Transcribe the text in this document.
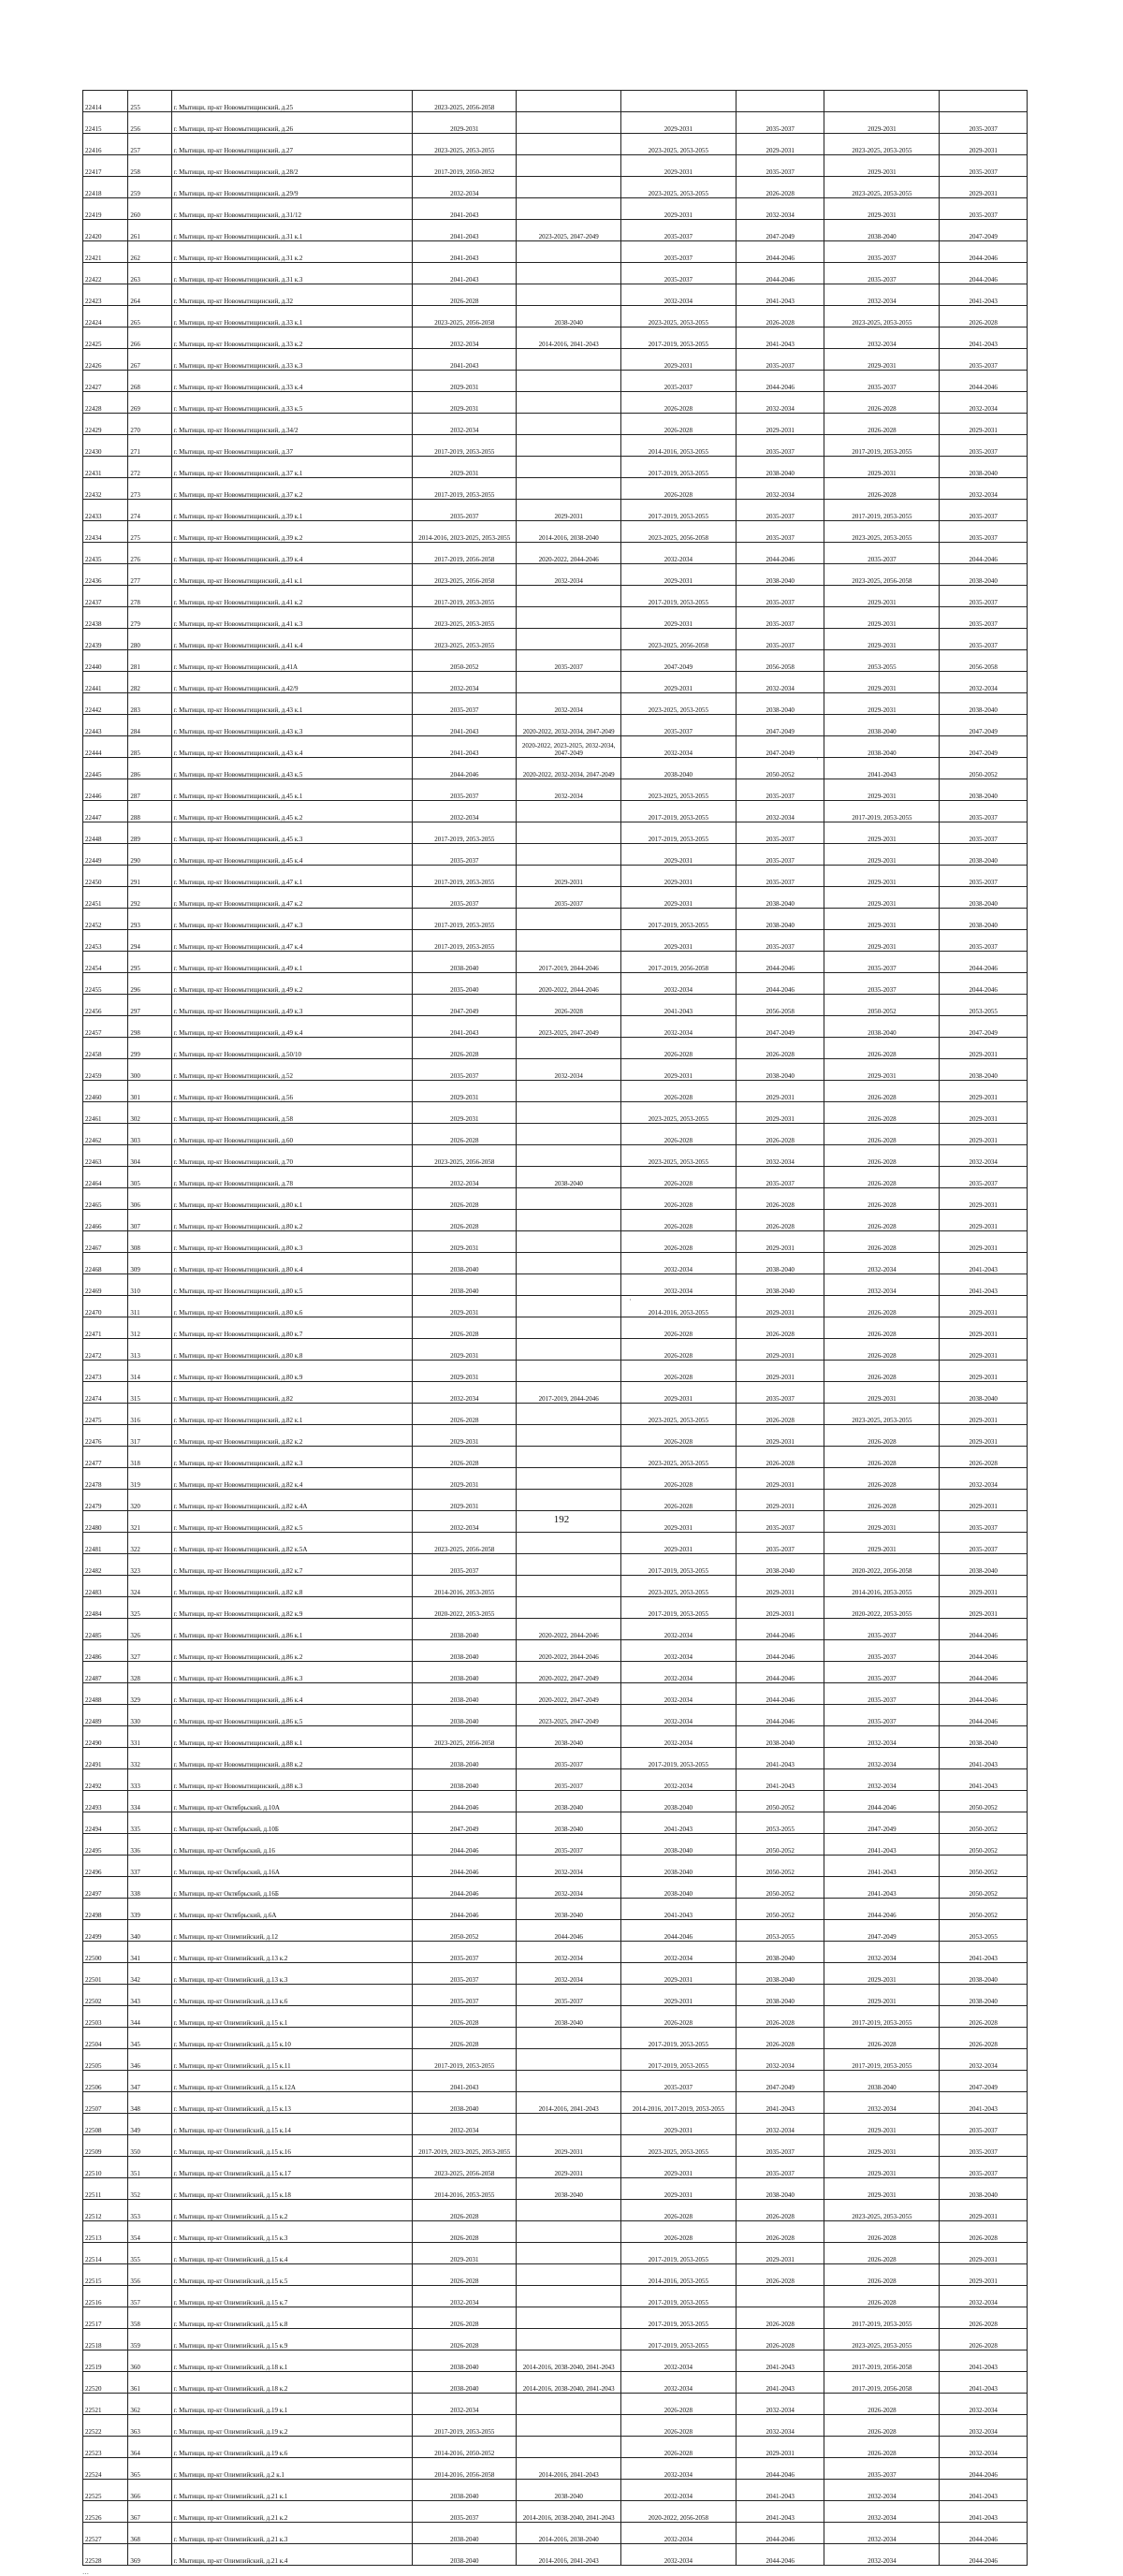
22414	255	г. Мытищи, пр-кт Новомытищинский, д.25	2023-2025, 2056-2058					
22415	256	г. Мытищи, пр-кт Новомытищинский, д.26	2029-2031		2029-2031	2035-2037	2029-2031	2035-2037
22416	257	г. Мытищи, пр-кт Новомытищинский, д.27	2023-2025, 2053-2055		2023-2025, 2053-2055	2029-2031	2023-2025, 2053-2055	2029-2031
22417	258	г. Мытищи, пр-кт Новомытищинский, д.28/2	2017-2019, 2050-2052		2029-2031	2035-2037	2029-2031	2035-2037
22418	259	г. Мытищи, пр-кт Новомытищинский, д.29/9	2032-2034		2023-2025, 2053-2055	2026-2028	2023-2025, 2053-2055	2029-2031
22419	260	г. Мытищи, пр-кт Новомытищинский, д.31/12	2041-2043		2029-2031	2032-2034	2029-2031	2035-2037
22420	261	г. Мытищи, пр-кт Новомытищинский, д.31 к.1	2041-2043	2023-2025, 2047-2049	2035-2037	2047-2049	2038-2040	2047-2049
22421	262	г. Мытищи, пр-кт Новомытищинский, д.31 к.2	2041-2043		2035-2037	2044-2046	2035-2037	2044-2046
22422	263	г. Мытищи, пр-кт Новомытищинский, д.31 к.3	2041-2043		2035-2037	2044-2046	2035-2037	2044-2046
22423	264	г. Мытищи, пр-кт Новомытищинский, д.32	2026-2028		2032-2034	2041-2043	2032-2034	2041-2043
22424	265	г. Мытищи, пр-кт Новомытищинский, д.33 к.1	2023-2025, 2056-2058	2038-2040	2023-2025, 2053-2055	2026-2028	2023-2025, 2053-2055	2026-2028
22425	266	г. Мытищи, пр-кт Новомытищинский, д.33 к.2	2032-2034	2014-2016, 2041-2043	2017-2019, 2053-2055	2041-2043	2032-2034	2041-2043
22426	267	г. Мытищи, пр-кт Новомытищинский, д.33 к.3	2041-2043		2029-2031	2035-2037	2029-2031	2035-2037
22427	268	г. Мытищи, пр-кт Новомытищинский, д.33 к.4	2029-2031		2035-2037	2044-2046	2035-2037	2044-2046
22428	269	г. Мытищи, пр-кт Новомытищинский, д.33 к.5	2029-2031		2026-2028	2032-2034	2026-2028	2032-2034
22429	270	г. Мытищи, пр-кт Новомытищинский, д.34/2	2032-2034		2026-2028	2029-2031	2026-2028	2029-2031
22430	271	г. Мытищи, пр-кт Новомытищинский, д.37	2017-2019, 2053-2055		2014-2016, 2053-2055	2035-2037	2017-2019, 2053-2055	2035-2037
22431	272	г. Мытищи, пр-кт Новомытищинский, д.37 к.1	2029-2031		2017-2019, 2053-2055	2038-2040	2029-2031	2038-2040
22432	273	г. Мытищи, пр-кт Новомытищинский, д.37 к.2	2017-2019, 2053-2055		2026-2028	2032-2034	2026-2028	2032-2034
22433	274	г. Мытищи, пр-кт Новомытищинский, д.39 к.1	2035-2037	2029-2031	2017-2019, 2053-2055	2035-2037	2017-2019, 2053-2055	2035-2037
22434	275	г. Мытищи, пр-кт Новомытищинский, д.39 к.2	2014-2016, 2023-2025, 2053-2055	2014-2016, 2038-2040	2023-2025, 2056-2058	2035-2037	2023-2025, 2053-2055	2035-2037
22435	276	г. Мытищи, пр-кт Новомытищинский, д.39 к.4	2017-2019, 2056-2058	2020-2022, 2044-2046	2032-2034	2044-2046	2035-2037	2044-2046
22436	277	г. Мытищи, пр-кт Новомытищинский, д.41 к.1	2023-2025, 2056-2058	2032-2034	2029-2031	2038-2040	2023-2025, 2056-2058	2038-2040
22437	278	г. Мытищи, пр-кт Новомытищинский, д.41 к.2	2017-2019, 2053-2055		2017-2019, 2053-2055	2035-2037	2029-2031	2035-2037
22438	279	г. Мытищи, пр-кт Новомытищинский, д.41 к.3	2023-2025, 2053-2055		2029-2031	2035-2037	2029-2031	2035-2037
22439	280	г. Мытищи, пр-кт Новомытищинский, д.41 к.4	2023-2025, 2053-2055		2023-2025, 2056-2058	2035-2037	2029-2031	2035-2037
22440	281	г. Мытищи, пр-кт Новомытищинский, д.41А	2050-2052	2035-2037	2047-2049	2056-2058	2053-2055	2056-2058
22441	282	г. Мытищи, пр-кт Новомытищинский, д.42/9	2032-2034		2029-2031	2032-2034	2029-2031	2032-2034
22442	283	г. Мытищи, пр-кт Новомытищинский, д.43 к.1	2035-2037	2032-2034	2023-2025, 2053-2055	2038-2040	2029-2031	2038-2040
22443	284	г. Мытищи, пр-кт Новомытищинский, д.43 к.3	2041-2043	2020-2022, 2032-2034, 2047-2049	2035-2037	2047-2049	2038-2040	2047-2049
22444	285	г. Мытищи, пр-кт Новомытищинский, д.43 к.4	2041-2043	2020-2022, 2023-2025, 2032-2034, 2047-2049	2032-2034	2047-2049	2038-2040	2047-2049
22445	286	г. Мытищи, пр-кт Новомытищинский, д.43 к.5	2044-2046	2020-2022, 2032-2034, 2047-2049	2038-2040	2050-2052	2041-2043	2050-2052
22446	287	г. Мытищи, пр-кт Новомытищинский, д.45 к.1	2035-2037	2032-2034	2023-2025, 2053-2055	2035-2037	2029-2031	2038-2040
22447	288	г. Мытищи, пр-кт Новомытищинский, д.45 к.2	2032-2034		2017-2019, 2053-2055	2032-2034	2017-2019, 2053-2055	2035-2037
22448	289	г. Мытищи, пр-кт Новомытищинский, д.45 к.3	2017-2019, 2053-2055		2017-2019, 2053-2055	2035-2037	2029-2031	2035-2037
22449	290	г. Мытищи, пр-кт Новомытищинский, д.45 к.4	2035-2037		2029-2031	2035-2037	2029-2031	2038-2040
22450	291	г. Мытищи, пр-кт Новомытищинский, д.47 к.1	2017-2019, 2053-2055	2029-2031	2029-2031	2035-2037	2029-2031	2035-2037
22451	292	г. Мытищи, пр-кт Новомытищинский, д.47 к.2	2035-2037	2035-2037	2029-2031	2038-2040	2029-2031	2038-2040
22452	293	г. Мытищи, пр-кт Новомытищинский, д.47 к.3	2017-2019, 2053-2055		2017-2019, 2053-2055	2038-2040	2029-2031	2038-2040
22453	294	г. Мытищи, пр-кт Новомытищинский, д.47 к.4	2017-2019, 2053-2055		2029-2031	2035-2037	2029-2031	2035-2037
22454	295	г. Мытищи, пр-кт Новомытищинский, д.49 к.1	2038-2040	2017-2019, 2044-2046	2017-2019, 2056-2058	2044-2046	2035-2037	2044-2046
22455	296	г. Мытищи, пр-кт Новомытищинский, д.49 к.2	2035-2040	2020-2022, 2044-2046	2032-2034	2044-2046	2035-2037	2044-2046
22456	297	г. Мытищи, пр-кт Новомытищинский, д.49 к.3	2047-2049	2026-2028	2041-2043	2056-2058	2050-2052	2053-2055
22457	298	г. Мытищи, пр-кт Новомытищинский, д.49 к.4	2041-2043	2023-2025, 2047-2049	2032-2034	2047-2049	2038-2040	2047-2049
22458	299	г. Мытищи, пр-кт Новомытищинский, д.50/10	2026-2028		2026-2028	2026-2028	2026-2028	2029-2031
22459	300	г. Мытищи, пр-кт Новомытищинский, д.52	2035-2037	2032-2034	2029-2031	2038-2040	2029-2031	2038-2040
22460	301	г. Мытищи, пр-кт Новомытищинский, д.56	2029-2031		2026-2028	2029-2031	2026-2028	2029-2031
22461	302	г. Мытищи, пр-кт Новомытищинский, д.58	2029-2031		2023-2025, 2053-2055	2029-2031	2026-2028	2029-2031
22462	303	г. Мытищи, пр-кт Новомытищинский, д.60	2026-2028		2026-2028	2026-2028	2026-2028	2029-2031
22463	304	г. Мытищи, пр-кт Новомытищинский, д.70	2023-2025, 2056-2058		2023-2025, 2053-2055	2032-2034	2026-2028	2032-2034
22464	305	г. Мытищи, пр-кт Новомытищинский, д.78	2032-2034	2038-2040	2026-2028	2035-2037	2026-2028	2035-2037
22465	306	г. Мытищи, пр-кт Новомытищинский, д.80 к.1	2026-2028		2026-2028	2026-2028	2026-2028	2029-2031
22466	307	г. Мытищи, пр-кт Новомытищинский, д.80 к.2	2026-2028		2026-2028	2026-2028	2026-2028	2029-2031
22467	308	г. Мытищи, пр-кт Новомытищинский, д.80 к.3	2029-2031		2026-2028	2029-2031	2026-2028	2029-2031
22468	309	г. Мытищи, пр-кт Новомытищинский, д.80 к.4	2038-2040		2032-2034	2038-2040	2032-2034	2041-2043
22469	310	г. Мытищи, пр-кт Новомытищинский, д.80 к.5	2038-2040		2032-2034	2038-2040	2032-2034	2041-2043
22470	311	г. Мытищи, пр-кт Новомытищинский, д.80 к.6	2029-2031		2014-2016, 2053-2055	2029-2031	2026-2028	2029-2031
22471	312	г. Мытищи, пр-кт Новомытищинский, д.80 к.7	2026-2028		2026-2028	2026-2028	2026-2028	2029-2031
22472	313	г. Мытищи, пр-кт Новомытищинский, д.80 к.8	2029-2031		2026-2028	2029-2031	2026-2028	2029-2031
22473	314	г. Мытищи, пр-кт Новомытищинский, д.80 к.9	2029-2031		2026-2028	2029-2031	2026-2028	2029-2031
22474	315	г. Мытищи, пр-кт Новомытищинский, д.82	2032-2034	2017-2019, 2044-2046	2029-2031	2035-2037	2029-2031	2038-2040
22475	316	г. Мытищи, пр-кт Новомытищинский, д.82 к.1	2026-2028		2023-2025, 2053-2055	2026-2028	2023-2025, 2053-2055	2029-2031
22476	317	г. Мытищи, пр-кт Новомытищинский, д.82 к.2	2029-2031		2026-2028	2029-2031	2026-2028	2029-2031
22477	318	г. Мытищи, пр-кт Новомытищинский, д.82 к.3	2026-2028		2023-2025, 2053-2055	2026-2028	2026-2028	2026-2028
22478	319	г. Мытищи, пр-кт Новомытищинский, д.82 к.4	2029-2031		2026-2028	2029-2031	2026-2028	2032-2034
22479	320	г. Мытищи, пр-кт Новомытищинский, д.82 к.4А	2029-2031		2026-2028	2029-2031	2026-2028	2029-2031
22480	321	г. Мытищи, пр-кт Новомытищинский, д.82 к.5	2032-2034		2029-2031	2035-2037	2029-2031	2035-2037
22481	322	г. Мытищи, пр-кт Новомытищинский, д.82 к.5А	2023-2025, 2056-2058		2029-2031	2035-2037	2029-2031	2035-2037
22482	323	г. Мытищи, пр-кт Новомытищинский, д.82 к.7	2035-2037		2017-2019, 2053-2055	2038-2040	2020-2022, 2056-2058	2038-2040
22483	324	г. Мытищи, пр-кт Новомытищинский, д.82 к.8	2014-2016, 2053-2055		2023-2025, 2053-2055	2029-2031	2014-2016, 2053-2055	2029-2031
22484	325	г. Мытищи, пр-кт Новомытищинский, д.82 к.9	2020-2022, 2053-2055		2017-2019, 2053-2055	2029-2031	2020-2022, 2053-2055	2029-2031
22485	326	г. Мытищи, пр-кт Новомытищинский, д.86 к.1	2038-2040	2020-2022, 2044-2046	2032-2034	2044-2046	2035-2037	2044-2046
22486	327	г. Мытищи, пр-кт Новомытищинский, д.86 к.2	2038-2040	2020-2022, 2044-2046	2032-2034	2044-2046	2035-2037	2044-2046
22487	328	г. Мытищи, пр-кт Новомытищинский, д.86 к.3	2038-2040	2020-2022, 2047-2049	2032-2034	2044-2046	2035-2037	2044-2046
22488	329	г. Мытищи, пр-кт Новомытищинский, д.86 к.4	2038-2040	2020-2022, 2047-2049	2032-2034	2044-2046	2035-2037	2044-2046
22489	330	г. Мытищи, пр-кт Новомытищинский, д.86 к.5	2038-2040	2023-2025, 2047-2049	2032-2034	2044-2046	2035-2037	2044-2046
22490	331	г. Мытищи, пр-кт Новомытищинский, д.88 к.1	2023-2025, 2056-2058	2038-2040	2032-2034	2038-2040	2032-2034	2038-2040
22491	332	г. Мытищи, пр-кт Новомытищинский, д.88 к.2	2038-2040	2035-2037	2017-2019, 2053-2055	2041-2043	2032-2034	2041-2043
22492	333	г. Мытищи, пр-кт Новомытищинский, д.88 к.3	2038-2040	2035-2037	2032-2034	2041-2043	2032-2034	2041-2043
22493	334	г. Мытищи, пр-кт Октябрьский, д.10А	2044-2046	2038-2040	2038-2040	2050-2052	2044-2046	2050-2052
22494	335	г. Мытищи, пр-кт Октябрьский, д.10Б	2047-2049	2038-2040	2041-2043	2053-2055	2047-2049	2050-2052
22495	336	г. Мытищи, пр-кт Октябрьский, д.16	2044-2046	2035-2037	2038-2040	2050-2052	2041-2043	2050-2052
22496	337	г. Мытищи, пр-кт Октябрьский, д.16А	2044-2046	2032-2034	2038-2040	2050-2052	2041-2043	2050-2052
22497	338	г. Мытищи, пр-кт Октябрьский, д.16Б	2044-2046	2032-2034	2038-2040	2050-2052	2041-2043	2050-2052
22498	339	г. Мытищи, пр-кт Октябрьский, д.6А	2044-2046	2038-2040	2041-2043	2050-2052	2044-2046	2050-2052
22499	340	г. Мытищи, пр-кт Олимпийский, д.12	2050-2052	2044-2046	2044-2046	2053-2055	2047-2049	2053-2055
22500	341	г. Мытищи, пр-кт Олимпийский, д.13 к.2	2035-2037	2032-2034	2032-2034	2038-2040	2032-2034	2041-2043
22501	342	г. Мытищи, пр-кт Олимпийский, д.13 к.3	2035-2037	2032-2034	2029-2031	2038-2040	2029-2031	2038-2040
22502	343	г. Мытищи, пр-кт Олимпийский, д.13 к.6	2035-2037	2035-2037	2029-2031	2038-2040	2029-2031	2038-2040
22503	344	г. Мытищи, пр-кт Олимпийский, д.15 к.1	2026-2028	2038-2040	2026-2028	2026-2028	2017-2019, 2053-2055	2026-2028
22504	345	г. Мытищи, пр-кт Олимпийский, д.15 к.10	2026-2028		2017-2019, 2053-2055	2026-2028	2026-2028	2026-2028
22505	346	г. Мытищи, пр-кт Олимпийский, д.15 к.11	2017-2019, 2053-2055		2017-2019, 2053-2055	2032-2034	2017-2019, 2053-2055	2032-2034
22506	347	г. Мытищи, пр-кт Олимпийский, д.15 к.12А	2041-2043		2035-2037	2047-2049	2038-2040	2047-2049
22507	348	г. Мытищи, пр-кт Олимпийский, д.15 к.13	2038-2040	2014-2016, 2041-2043	2014-2016, 2017-2019, 2053-2055	2041-2043	2032-2034	2041-2043
22508	349	г. Мытищи, пр-кт Олимпийский, д.15 к.14	2032-2034		2029-2031	2032-2034	2029-2031	2035-2037
22509	350	г. Мытищи, пр-кт Олимпийский, д.15 к.16	2017-2019, 2023-2025, 2053-2055	2029-2031	2023-2025, 2053-2055	2035-2037	2029-2031	2035-2037
22510	351	г. Мытищи, пр-кт Олимпийский, д.15 к.17	2023-2025, 2056-2058	2029-2031	2029-2031	2035-2037	2029-2031	2035-2037
22511	352	г. Мытищи, пр-кт Олимпийский, д.15 к.18	2014-2016, 2053-2055	2038-2040	2029-2031	2038-2040	2029-2031	2038-2040
22512	353	г. Мытищи, пр-кт Олимпийский, д.15 к.2	2026-2028		2026-2028	2026-2028	2023-2025, 2053-2055	2029-2031
22513	354	г. Мытищи, пр-кт Олимпийский, д.15 к.3	2026-2028		2026-2028	2026-2028	2026-2028	2026-2028
22514	355	г. Мытищи, пр-кт Олимпийский, д.15 к.4	2029-2031		2017-2019, 2053-2055	2029-2031	2026-2028	2029-2031
22515	356	г. Мытищи, пр-кт Олимпийский, д.15 к.5	2026-2028		2014-2016, 2053-2055	2026-2028	2026-2028	2029-2031
22516	357	г. Мытищи, пр-кт Олимпийский, д.15 к.7	2032-2034		2017-2019, 2053-2055		2026-2028	2032-2034
22517	358	г. Мытищи, пр-кт Олимпийский, д.15 к.8	2026-2028		2017-2019, 2053-2055	2026-2028	2017-2019, 2053-2055	2026-2028
22518	359	г. Мытищи, пр-кт Олимпийский, д.15 к.9	2026-2028		2017-2019, 2053-2055	2026-2028	2023-2025, 2053-2055	2026-2028
22519	360	г. Мытищи, пр-кт Олимпийский, д.18 к.1	2038-2040	2014-2016, 2038-2040, 2041-2043	2032-2034	2041-2043	2017-2019, 2056-2058	2041-2043
22520	361	г. Мытищи, пр-кт Олимпийский, д.18 к.2	2038-2040	2014-2016, 2038-2040, 2041-2043	2032-2034	2041-2043	2017-2019, 2056-2058	2041-2043
22521	362	г. Мытищи, пр-кт Олимпийский, д.19 к.1	2032-2034		2026-2028	2032-2034	2026-2028	2032-2034
22522	363	г. Мытищи, пр-кт Олимпийский, д.19 к.2	2017-2019, 2053-2055		2026-2028	2032-2034	2026-2028	2032-2034
22523	364	г. Мытищи, пр-кт Олимпийский, д.19 к.6	2014-2016, 2050-2052		2026-2028	2029-2031	2026-2028	2032-2034
22524	365	г. Мытищи, пр-кт Олимпийский, д.2 к.1	2014-2016, 2056-2058	2014-2016, 2041-2043	2032-2034	2044-2046	2035-2037	2044-2046
22525	366	г. Мытищи, пр-кт Олимпийский, д.21 к.1	2038-2040	2038-2040	2032-2034	2041-2043	2032-2034	2041-2043
22526	367	г. Мытищи, пр-кт Олимпийский, д.21 к.2	2035-2037	2014-2016, 2038-2040, 2041-2043	2020-2022, 2056-2058	2041-2043	2032-2034	2041-2043
22527	368	г. Мытищи, пр-кт Олимпийский, д.21 к.3	2038-2040	2014-2016, 2038-2040	2032-2034	2044-2046	2032-2034	2044-2046
22528	369	г. Мытищи, пр-кт Олимпийский, д.21 к.4	2038-2040	2014-2016, 2041-2043	2032-2034	2044-2046	2032-2034	2044-2046
…
·
·
192
